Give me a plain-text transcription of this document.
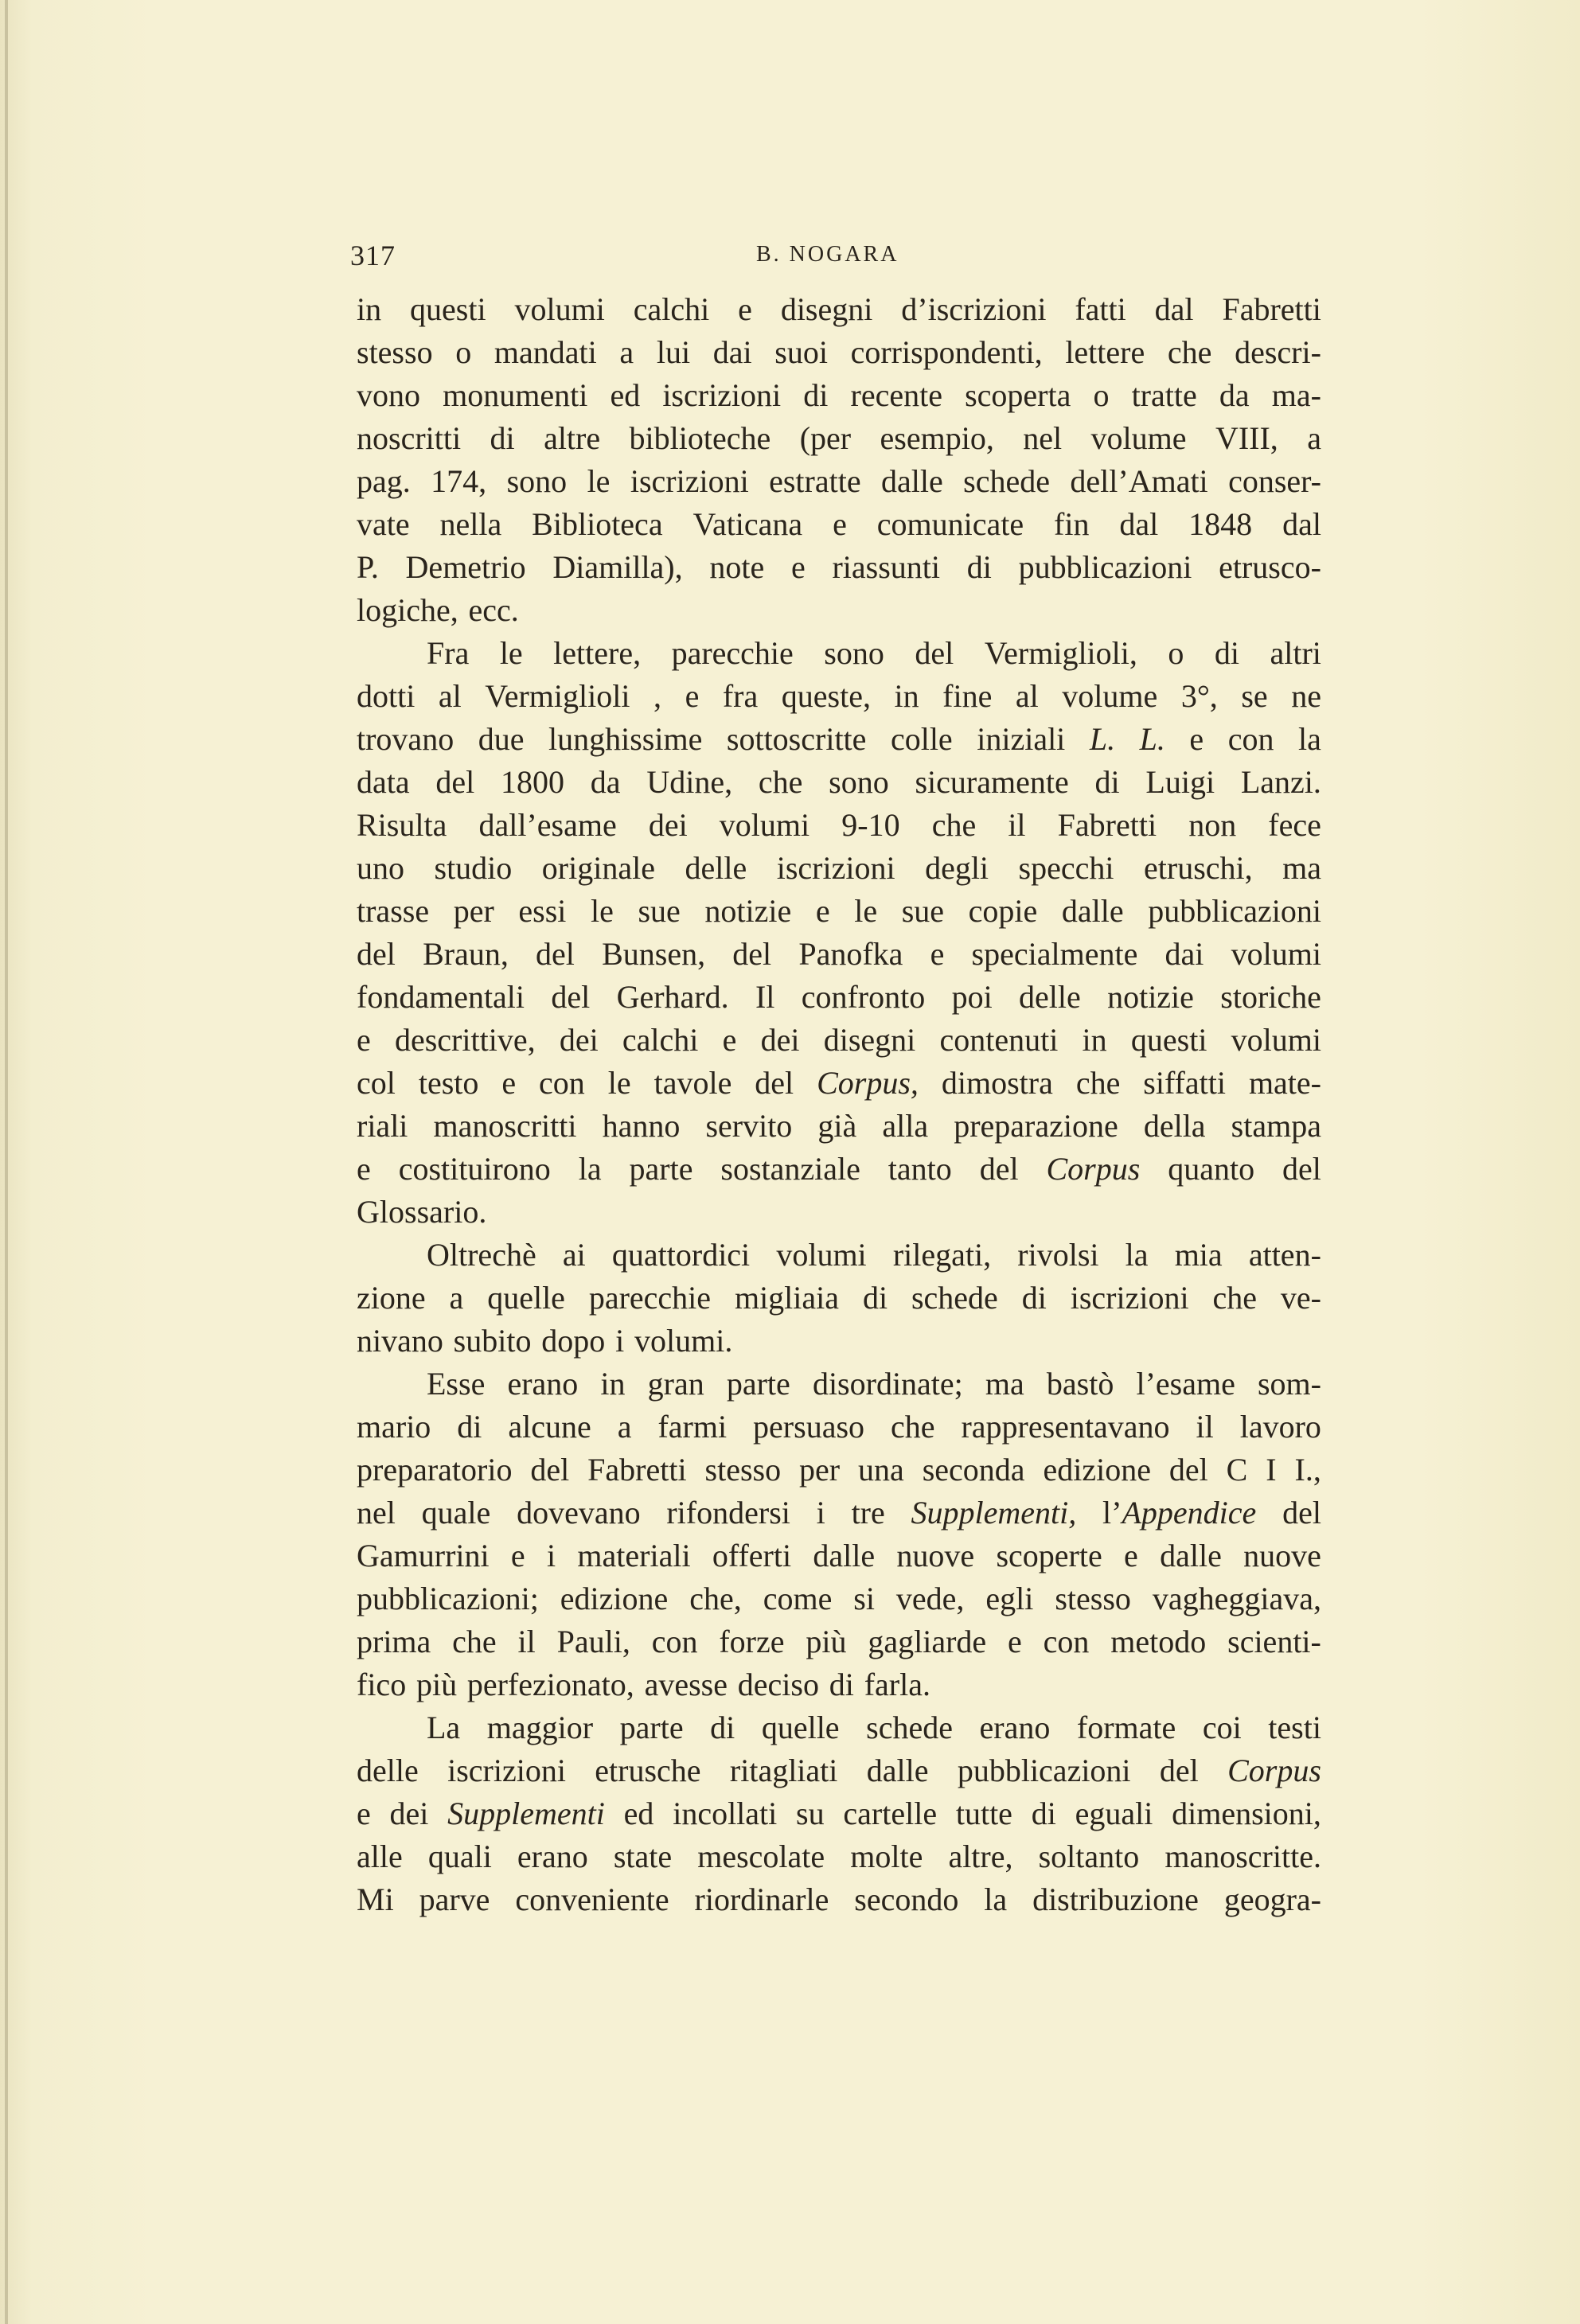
317	B. NOGARA
in questi volumi calchi e disegni d’iscrizioni fatti dal Fabretti
stesso o mandati a lui dai suoi corrispondenti, lettere che descri-
vono monumenti ed iscrizioni di recente scoperta o tratte da ma-
noscritti di altre biblioteche (per esempio, nel volume VIII, a
pag. 174, sono le iscrizioni estratte dalle schede dell’Amati conser-
vate nella Biblioteca Vaticana e comunicate fin dal 1848 dal
P. Demetrio Diamilla), note e riassunti di pubblicazioni etrusco-
logiche, ecc.
Fra le lettere, parecchie sono del Vermiglioli, o di altri
dotti al Vermiglioli , e fra queste, in fine al volume 3°, se ne
trovano due lunghissime sottoscritte colle iniziali L. L. e con la
data del 1800 da Udine, che sono sicuramente di Luigi Lanzi.
Risulta dall’esame dei volumi 9-10 che il Fabretti non fece
uno studio originale delle iscrizioni degli specchi etruschi, ma
trasse per essi le sue notizie e le sue copie dalle pubblicazioni
del Braun, del Bunsen, del Panofka e specialmente dai volumi
fondamentali del Gerhard. Il confronto poi delle notizie storiche
e descrittive, dei calchi e dei disegni contenuti in questi volumi
col testo e con le tavole del Corpus, dimostra che siffatti mate-
riali manoscritti hanno servito già alla preparazione della stampa
e costituirono la parte sostanziale tanto del Corpus quanto del
Glossario.
Oltrechè ai quattordici volumi rilegati, rivolsi la mia atten-
zione a quelle parecchie migliaia di schede di iscrizioni che ve-
nivano subito dopo i volumi.
Esse erano in gran parte disordinate; ma bastò l’esame som-
mario di alcune a farmi persuaso che rappresentavano il lavoro
preparatorio del Fabretti stesso per una seconda edizione del C I I.,
nel quale dovevano rifondersi i tre Supplementi, l’Appendice del
Gamurrini e i materiali offerti dalle nuove scoperte e dalle nuove
pubblicazioni; edizione che, come si vede, egli stesso vagheggiava,
prima che il Pauli, con forze più gagliarde e con metodo scienti-
fico più perfezionato, avesse deciso di farla.
La maggior parte di quelle schede erano formate coi testi
delle iscrizioni etrusche ritagliati dalle pubblicazioni del Corpus
e dei Supplementi ed incollati su cartelle tutte di eguali dimensioni,
alle quali erano state mescolate molte altre, soltanto manoscritte.
Mi parve conveniente riordinarle secondo la distribuzione geogra-
